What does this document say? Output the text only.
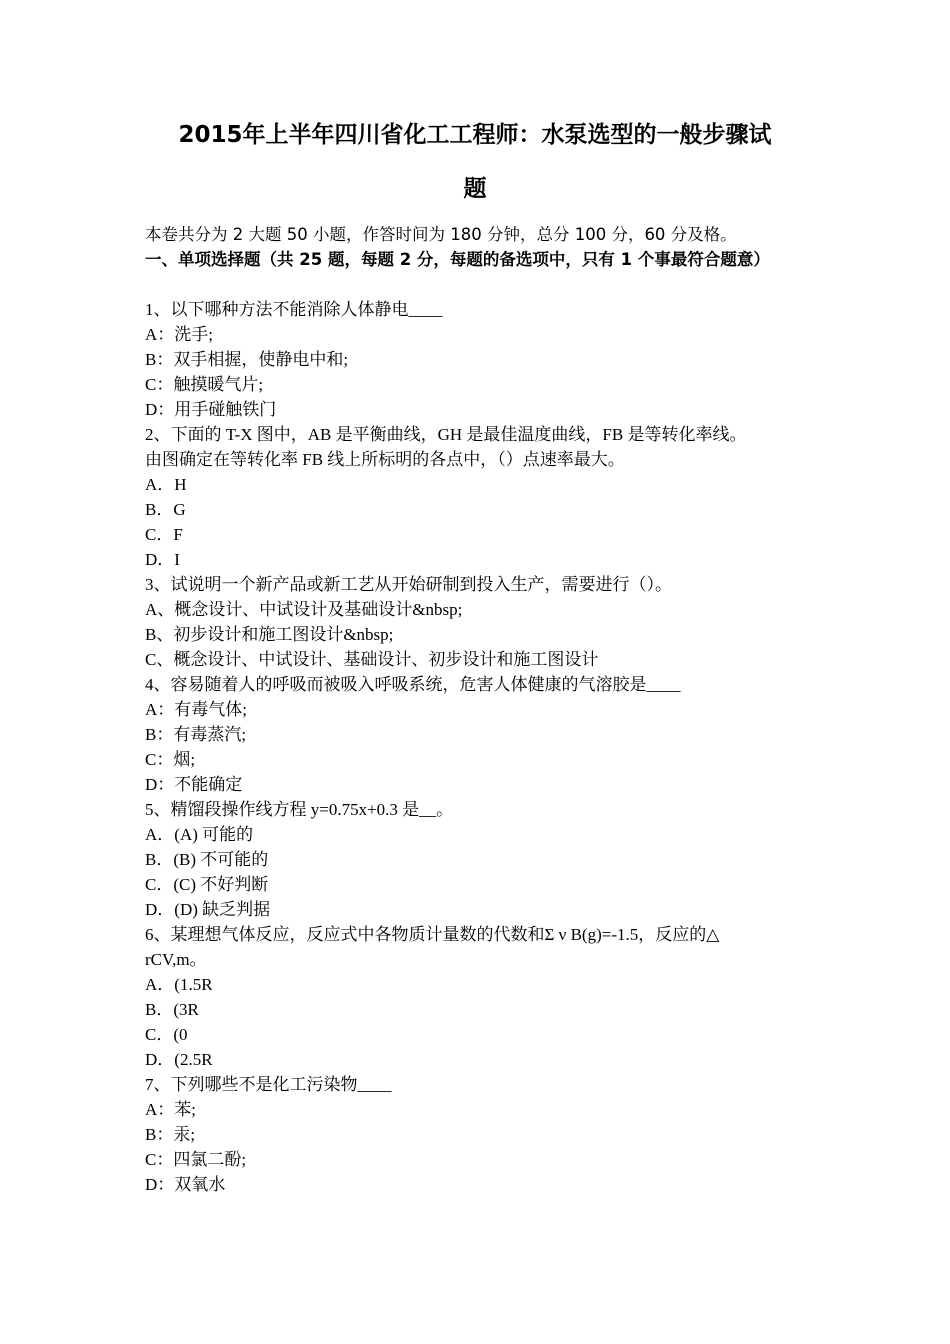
2015年上半年四川省化工工程师：水泵选型的一般步骤试
题
本卷共分为 2 大题 50 小题，作答时间为 180 分钟，总分 100 分，60 分及格。
一、单项选择题（共 25 题，每题 2 分，每题的备选项中，只有 1 个事最符合题意）
1、以下哪种方法不能消除人体静电____
A：洗手;
B：双手相握，使静电中和;
C：触摸暖气片;
D：用手碰触铁门
2、下面的 T-X 图中，AB 是平衡曲线，GH 是最佳温度曲线，FB 是等转化率线。
由图确定在等转化率 FB 线上所标明的各点中，（）点速率最大。
A．H
B．G
C．F
D．I
3、试说明一个新产品或新工艺从开始研制到投入生产，需要进行（）。
A、概念设计、中试设计及基础设计&nbsp;
B、初步设计和施工图设计&nbsp;
C、概念设计、中试设计、基础设计、初步设计和施工图设计
4、容易随着人的呼吸而被吸入呼吸系统，危害人体健康的气溶胶是____
A：有毒气体;
B：有毒蒸汽;
C：烟;
D：不能确定
5、精馏段操作线方程 y=0.75x+0.3 是__。
A．(A) 可能的
B．(B) 不可能的
C．(C) 不好判断
D．(D) 缺乏判据
6、某理想气体反应，反应式中各物质计量数的代数和Σ ν B(g)=-1.5，反应的△
rCV,m。
A．(1.5R
B．(3R
C．(0
D．(2.5R
7、下列哪些不是化工污染物____
A：苯;
B：汞;
C：四氯二酚;
D：双氧水
